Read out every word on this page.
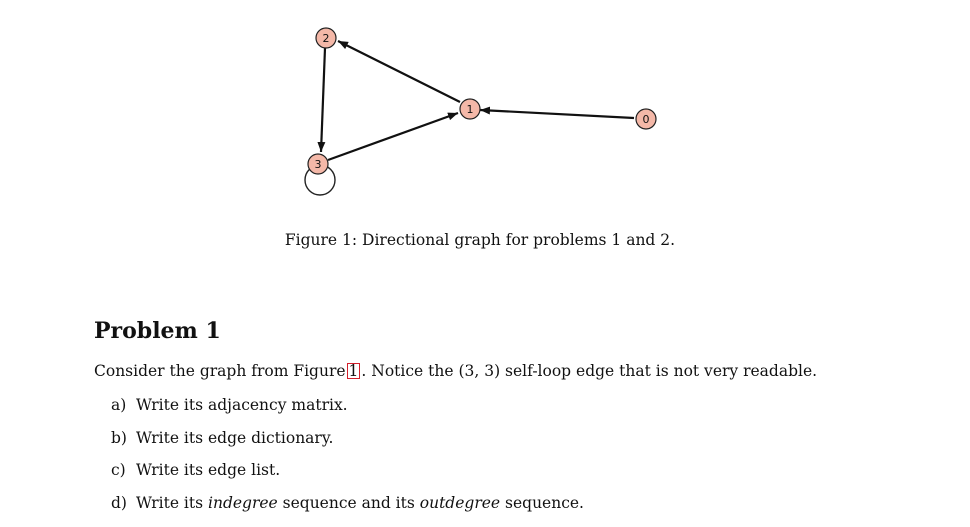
2
1
0
3
Figure 1: Directional graph for problems 1 and 2.
Problem 1
Consider the graph from Figure 1 . Notice the (3, 3) self-loop edge that is not very readable.
a) Write its adjacency matrix.
b) Write its edge dictionary.
c) Write its edge list.
d) Write its indegree sequence and its outdegree sequence.
